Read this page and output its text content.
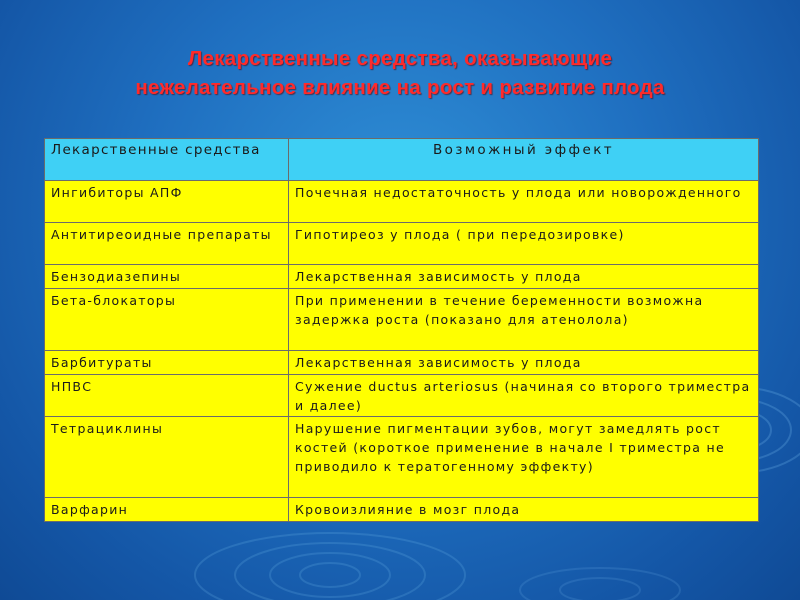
Лекарственные средства, оказывающие
нежелательное влияние на рост и развитие плода
Лекарственные средства	Возможный эффект
Ингибиторы АПФ	Почечная недостаточность у плода или новорожденного
Антитиреоидные препараты	Гипотиреоз у плода ( при передозировке)
Бензодиазепины	Лекарственная зависимость у плода
Бета-блокаторы	При применении в течение беременности возможна задержка роста (показано для атенолола)
Барбитураты	Лекарственная зависимость у плода
НПВС	Сужение ductus arteriosus (начиная со второго триместра и далее)
Тетрациклины	Нарушение пигментации зубов, могут замедлять рост костей (короткое применение в начале I триместра не приводило к тератогенному эффекту)
Варфарин	Кровоизлияние в мозг плода
